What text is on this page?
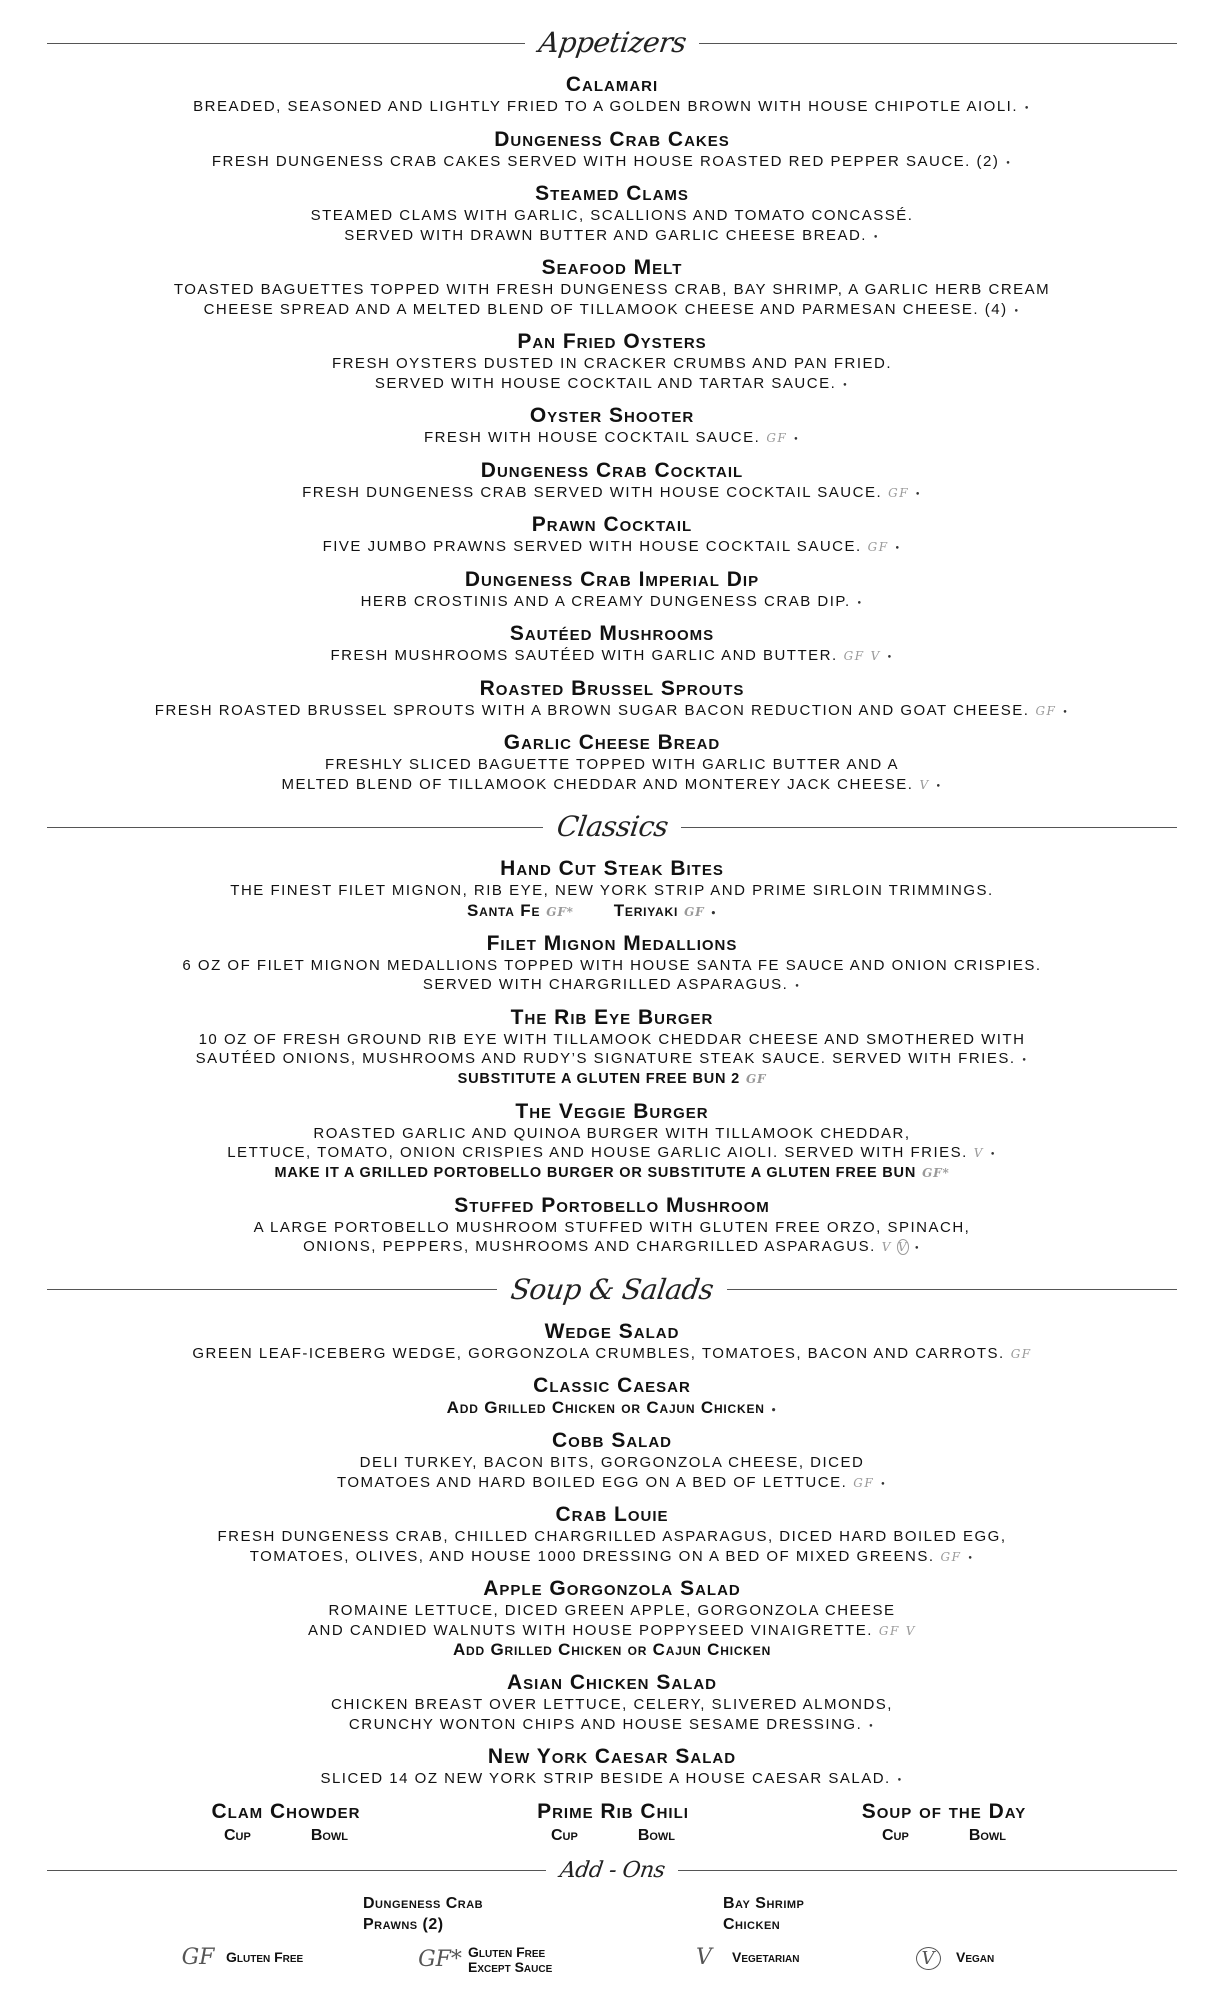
Appetizers
Calamari
BREADED, SEASONED AND LIGHTLY FRIED TO A GOLDEN BROWN WITH HOUSE CHIPOTLE AIOLI.•
Dungeness Crab Cakes
FRESH DUNGENESS CRAB CAKES SERVED WITH HOUSE ROASTED RED PEPPER SAUCE. (2)•
Steamed Clams
STEAMED CLAMS WITH GARLIC, SCALLIONS AND TOMATO CONCASSÉ.
SERVED WITH DRAWN BUTTER AND GARLIC CHEESE BREAD.•
Seafood Melt
TOASTED BAGUETTES TOPPED WITH FRESH DUNGENESS CRAB, BAY SHRIMP, A GARLIC HERB CREAM
CHEESE SPREAD AND A MELTED BLEND OF TILLAMOOK CHEESE AND PARMESAN CHEESE. (4)•
Pan Fried Oysters
FRESH OYSTERS DUSTED IN CRACKER CRUMBS AND PAN FRIED.
SERVED WITH HOUSE COCKTAIL AND TARTAR SAUCE.•
Oyster Shooter
FRESH WITH HOUSE COCKTAIL SAUCE.GF •
Dungeness Crab Cocktail
FRESH DUNGENESS CRAB SERVED WITH HOUSE COCKTAIL SAUCE.GF •
Prawn Cocktail
FIVE JUMBO PRAWNS SERVED WITH HOUSE COCKTAIL SAUCE.GF •
Dungeness Crab Imperial Dip
HERB CROSTINIS AND A CREAMY DUNGENESS CRAB DIP.•
Sautéed Mushrooms
FRESH MUSHROOMS SAUTÉED WITH GARLIC AND BUTTER.GF V •
Roasted Brussel Sprouts
FRESH ROASTED BRUSSEL SPROUTS WITH A BROWN SUGAR BACON REDUCTION AND GOAT CHEESE.GF •
Garlic Cheese Bread
FRESHLY SLICED BAGUETTE TOPPED WITH GARLIC BUTTER AND A
MELTED BLEND OF TILLAMOOK CHEDDAR AND MONTEREY JACK CHEESE.V •
Classics
Hand Cut Steak Bites
THE FINEST FILET MIGNON, RIB EYE, NEW YORK STRIP AND PRIME SIRLOIN TRIMMINGS.
Santa Fe GF*	TeriyakiGF •
Filet Mignon Medallions
6 OZ OF FILET MIGNON MEDALLIONS TOPPED WITH HOUSE SANTA FE SAUCE AND ONION CRISPIES.
SERVED WITH CHARGRILLED ASPARAGUS.•
The Rib Eye Burger
10 OZ OF FRESH GROUND RIB EYE WITH TILLAMOOK CHEDDAR CHEESE AND SMOTHERED WITH
SAUTÉED ONIONS, MUSHROOMS AND RUDY’S SIGNATURE STEAK SAUCE. SERVED WITH FRIES.•
SUBSTITUTE A GLUTEN FREE BUN 2GF
The Veggie Burger
ROASTED GARLIC AND QUINOA BURGER WITH TILLAMOOK CHEDDAR,
LETTUCE, TOMATO, ONION CRISPIES AND HOUSE GARLIC AIOLI. SERVED WITH FRIES.V •
MAKE IT A GRILLED PORTOBELLO BURGER OR SUBSTITUTE A GLUTEN FREE BUNGF*
Stuffed Portobello Mushroom
A LARGE PORTOBELLO MUSHROOM STUFFED WITH GLUTEN FREE ORZO, SPINACH,
ONIONS, PEPPERS, MUSHROOMS AND CHARGRILLED ASPARAGUS.V V •
Soup & Salads
Wedge Salad
GREEN LEAF-ICEBERG WEDGE, GORGONZOLA CRUMBLES, TOMATOES, BACON AND CARROTS.GF
Classic Caesar
Add Grilled Chicken or Cajun Chicken•
Cobb Salad
DELI TURKEY, BACON BITS, GORGONZOLA CHEESE, DICED
TOMATOES AND HARD BOILED EGG ON A BED OF LETTUCE.GF •
Crab Louie
FRESH DUNGENESS CRAB, CHILLED CHARGRILLED ASPARAGUS, DICED HARD BOILED EGG,
TOMATOES, OLIVES, AND HOUSE 1000 DRESSING ON A BED OF MIXED GREENS.GF •
Apple Gorgonzola Salad
ROMAINE LETTUCE, DICED GREEN APPLE, GORGONZOLA CHEESE
AND CANDIED WALNUTS WITH HOUSE POPPYSEED VINAIGRETTE.GF V
Add Grilled Chicken or Cajun Chicken
Asian Chicken Salad
CHICKEN BREAST OVER LETTUCE, CELERY, SLIVERED ALMONDS,
CRUNCHY WONTON CHIPS AND HOUSE SESAME DRESSING.•
New York Caesar Salad
SLICED 14 OZ NEW YORK STRIP BESIDE A HOUSE CAESAR SALAD.•
Clam Chowder
Cup	Bowl
Prime Rib Chili
Cup	Bowl
Soup of the Day
Cup	Bowl
Add - Ons
Dungeness Crab
Prawns (2)
Bay Shrimp
Chicken
GF Gluten Free	GF* Gluten Free
Except Sauce	V	Vegetarian	V	Vegan
